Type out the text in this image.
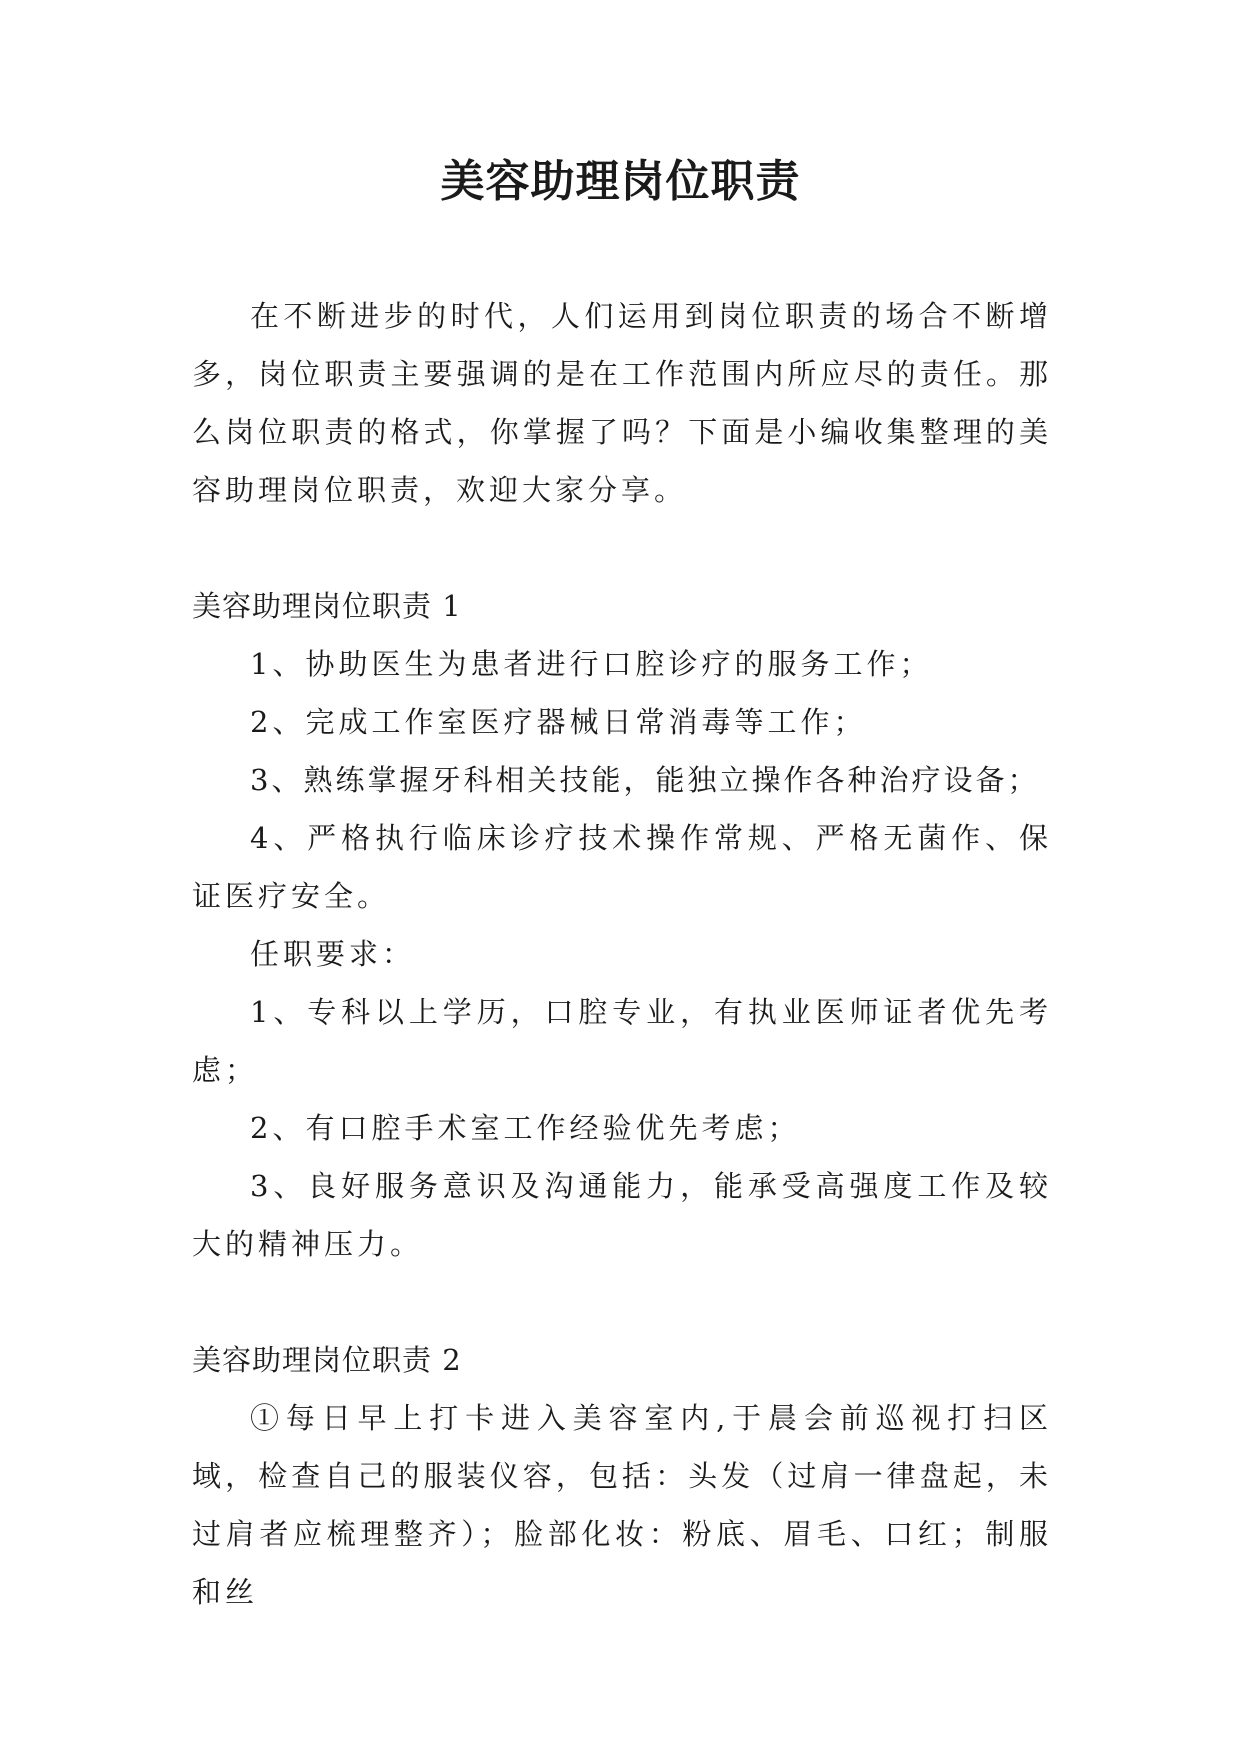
美容助理岗位职责

在不断进步的时代，人们运用到岗位职责的场合不断增多，岗位职责主要强调的是在工作范围内所应尽的责任。那么岗位职责的格式，你掌握了吗？下面是小编收集整理的美容助理岗位职责，欢迎大家分享。

美容助理岗位职责 1

1、协助医生为患者进行口腔诊疗的服务工作；

2、完成工作室医疗器械日常消毒等工作；

3、熟练掌握牙科相关技能，能独立操作各种治疗设备；

4、严格执行临床诊疗技术操作常规、严格无菌作、保证医疗安全。

任职要求：

1、专科以上学历，口腔专业，有执业医师证者优先考虑；

2、有口腔手术室工作经验优先考虑；

3、良好服务意识及沟通能力，能承受高强度工作及较大的精神压力。

美容助理岗位职责 2

①每日早上打卡进入美容室内,于晨会前巡视打扫区域，检查自己的服装仪容，包括：头发（过肩一律盘起，未过肩者应梳理整齐）；脸部化妆：粉底、眉毛、口红；制服和丝
